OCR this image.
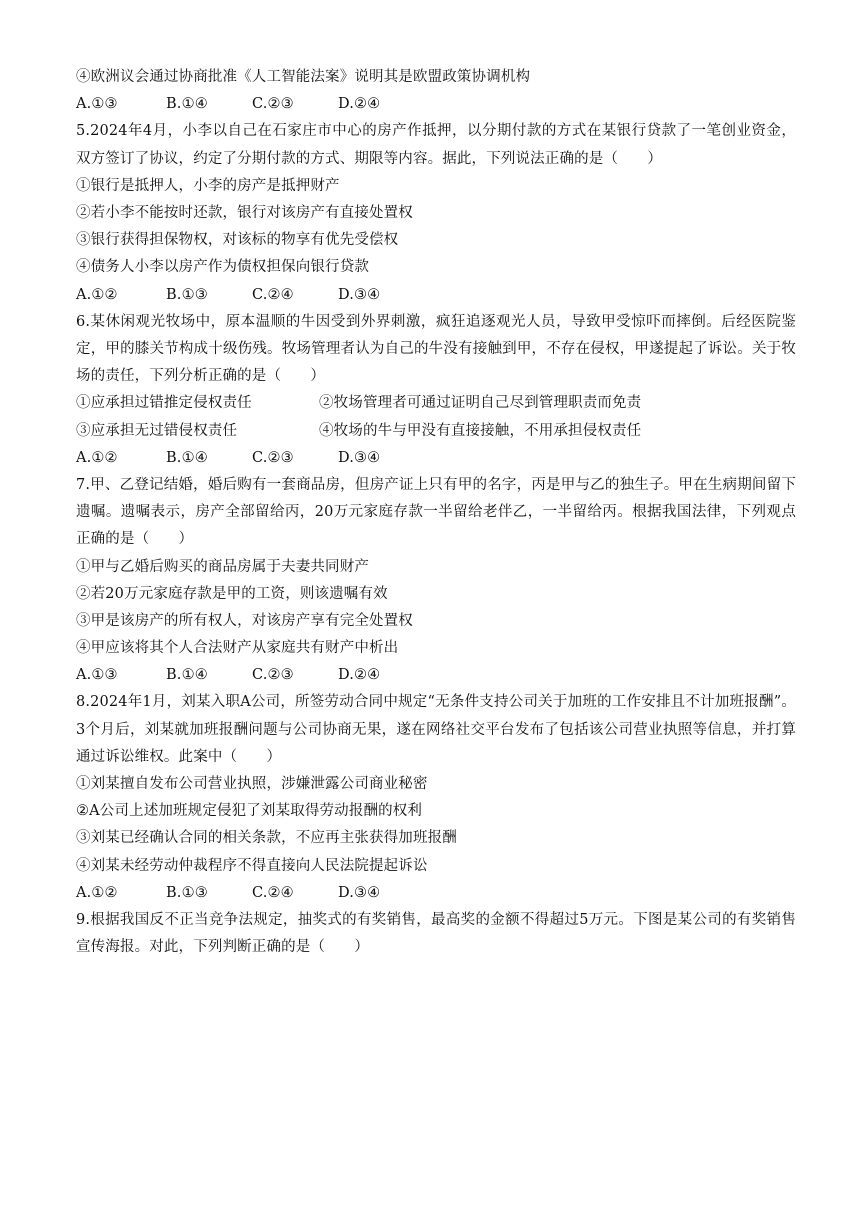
④欧洲议会通过协商批准《人工智能法案》说明其是欧盟政策协调机构
A.①③	B.①④	C.②③	D.②④
5.2024年4月，小李以自己在石家庄市中心的房产作抵押，以分期付款的方式在某银行贷款了一笔创业资金，双方签订了协议，约定了分期付款的方式、期限等内容。据此，下列说法正确的是（　　）
①银行是抵押人，小李的房产是抵押财产
②若小李不能按时还款，银行对该房产有直接处置权
③银行获得担保物权，对该标的物享有优先受偿权
④债务人小李以房产作为债权担保向银行贷款
A.①②	B.①③	C.②④	D.③④
6.某休闲观光牧场中，原本温顺的牛因受到外界刺激，疯狂追逐观光人员，导致甲受惊吓而摔倒。后经医院鉴定，甲的膝关节构成十级伤残。牧场管理者认为自己的牛没有接触到甲，不存在侵权，甲遂提起了诉讼。关于牧场的责任，下列分析正确的是（　　）
①应承担过错推定侵权责任	②牧场管理者可通过证明自己尽到管理职责而免责
③应承担无过错侵权责任	④牧场的牛与甲没有直接接触，不用承担侵权责任
A.①②	B.①④	C.②③	D.③④
7.甲、乙登记结婚，婚后购有一套商品房，但房产证上只有甲的名字，丙是甲与乙的独生子。甲在生病期间留下遗嘱。遗嘱表示，房产全部留给丙，20万元家庭存款一半留给老伴乙，一半留给丙。根据我国法律，下列观点正确的是（　　）
①甲与乙婚后购买的商品房属于夫妻共同财产
②若20万元家庭存款是甲的工资，则该遗嘱有效
③甲是该房产的所有权人，对该房产享有完全处置权
④甲应该将其个人合法财产从家庭共有财产中析出
A.①③	B.①④	C.②③	D.②④
8.2024年1月，刘某入职A公司，所签劳动合同中规定“无条件支持公司关于加班的工作安排且不计加班报酬”。3个月后，刘某就加班报酬问题与公司协商无果，遂在网络社交平台发布了包括该公司营业执照等信息，并打算通过诉讼维权。此案中（　　）
①刘某擅自发布公司营业执照，涉嫌泄露公司商业秘密
②A公司上述加班规定侵犯了刘某取得劳动报酬的权利
③刘某已经确认合同的相关条款，不应再主张获得加班报酬
④刘某未经劳动仲裁程序不得直接向人民法院提起诉讼
A.①②	B.①③	C.②④	D.③④
9.根据我国反不正当竞争法规定，抽奖式的有奖销售，最高奖的金额不得超过5万元。下图是某公司的有奖销售宣传海报。对此，下列判断正确的是（　　）
